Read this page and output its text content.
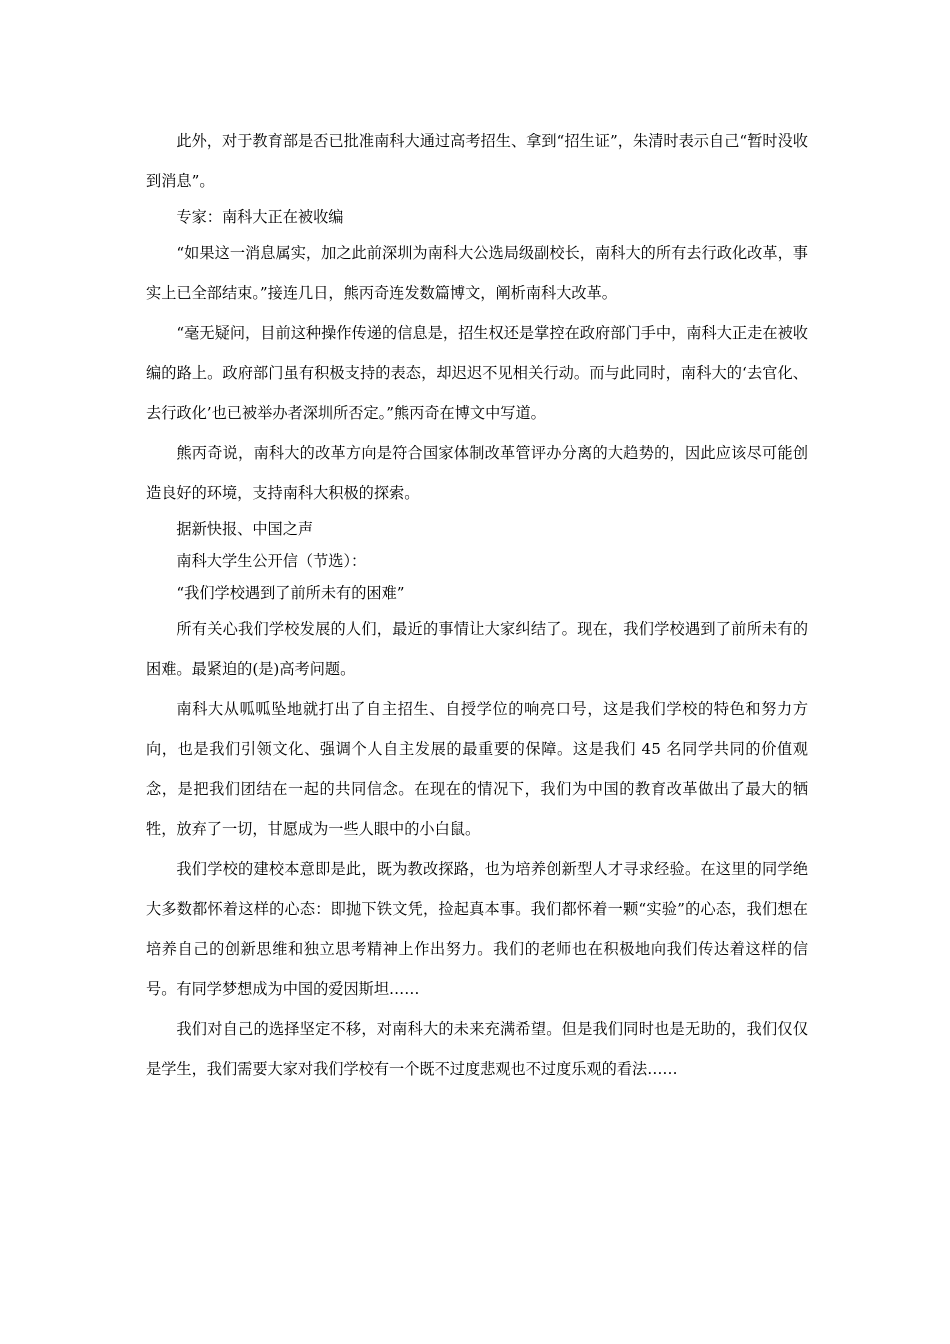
此外，对于教育部是否已批准南科大通过高考招生、拿到“招生证”，朱清时表示自己“暂时没收到消息”。

专家：南科大正在被收编

“如果这一消息属实，加之此前深圳为南科大公选局级副校长，南科大的所有去行政化改革，事实上已全部结束。”接连几日，熊丙奇连发数篇博文，阐析南科大改革。

“毫无疑问，目前这种操作传递的信息是，招生权还是掌控在政府部门手中，南科大正走在被收编的路上。政府部门虽有积极支持的表态，却迟迟不见相关行动。而与此同时，南科大的‘去官化、去行政化’也已被举办者深圳所否定。”熊丙奇在博文中写道。

熊丙奇说，南科大的改革方向是符合国家体制改革管评办分离的大趋势的，因此应该尽可能创造良好的环境，支持南科大积极的探索。

据新快报、中国之声

南科大学生公开信（节选）：

“我们学校遇到了前所未有的困难”

所有关心我们学校发展的人们，最近的事情让大家纠结了。现在，我们学校遇到了前所未有的困难。最紧迫的(是)高考问题。

南科大从呱呱坠地就打出了自主招生、自授学位的响亮口号，这是我们学校的特色和努力方向，也是我们引领文化、强调个人自主发展的最重要的保障。这是我们 45 名同学共同的价值观念，是把我们团结在一起的共同信念。在现在的情况下，我们为中国的教育改革做出了最大的牺牲，放弃了一切，甘愿成为一些人眼中的小白鼠。

我们学校的建校本意即是此，既为教改探路，也为培养创新型人才寻求经验。在这里的同学绝大多数都怀着这样的心态：即抛下铁文凭，捡起真本事。我们都怀着一颗“实验”的心态，我们想在培养自己的创新思维和独立思考精神上作出努力。我们的老师也在积极地向我们传达着这样的信号。有同学梦想成为中国的爱因斯坦……

我们对自己的选择坚定不移，对南科大的未来充满希望。但是我们同时也是无助的，我们仅仅是学生，我们需要大家对我们学校有一个既不过度悲观也不过度乐观的看法……
